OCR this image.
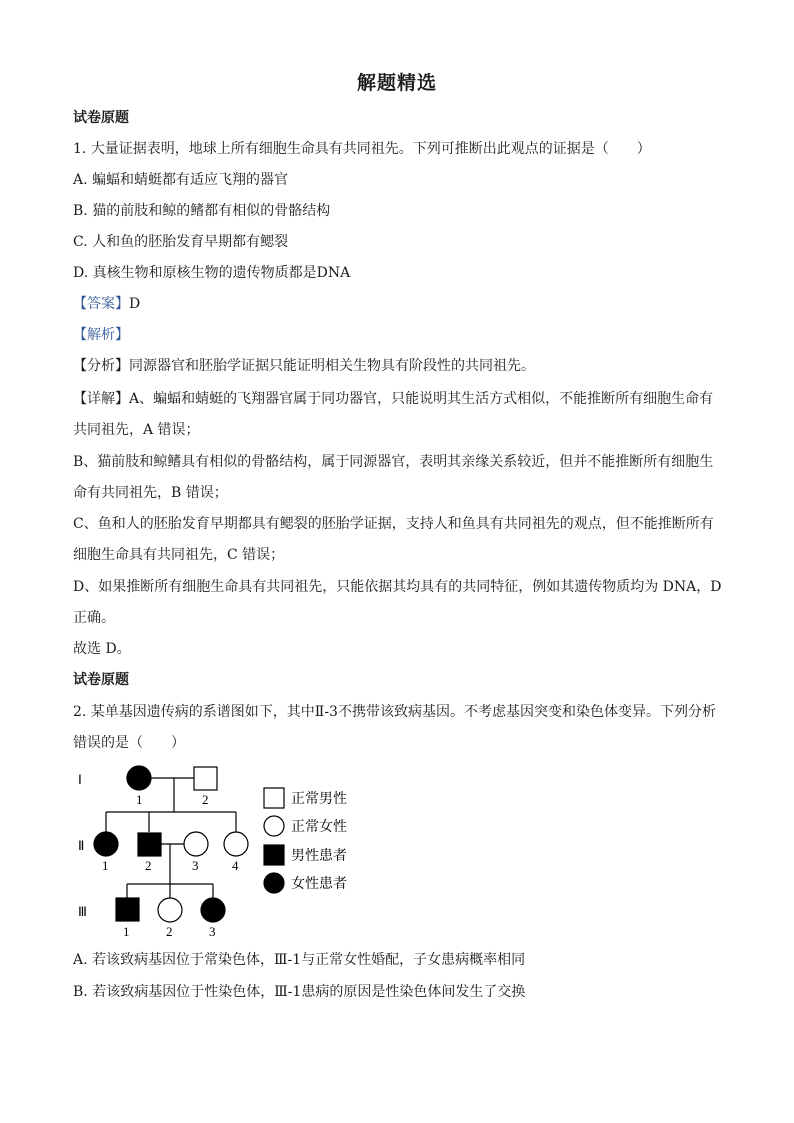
解题精选
试卷原题
1. 大量证据表明，地球上所有细胞生命具有共同祖先。下列可推断出此观点的证据是（　　）
A. 蝙蝠和蜻蜓都有适应飞翔的器官
B. 猫的前肢和鲸的鳍都有相似的骨骼结构
C. 人和鱼的胚胎发育早期都有鳃裂
D. 真核生物和原核生物的遗传物质都是DNA
【答案】D
【解析】
【分析】同源器官和胚胎学证据只能证明相关生物具有阶段性的共同祖先。
【详解】A、蝙蝠和蜻蜓的飞翔器官属于同功器官，只能说明其生活方式相似，不能推断所有细胞生命有
共同祖先，A 错误；
B、猫前肢和鲸鳍具有相似的骨骼结构，属于同源器官，表明其亲缘关系较近，但并不能推断所有细胞生
命有共同祖先，B 错误；
C、鱼和人的胚胎发育早期都具有鳃裂的胚胎学证据，支持人和鱼具有共同祖先的观点，但不能推断所有
细胞生命具有共同祖先，C 错误；
D、如果推断所有细胞生命具有共同祖先，只能依据其均具有的共同特征，例如其遗传物质均为 DNA，D
正确。
故选 D。
试卷原题
2. 某单基因遗传病的系谱图如下，其中Ⅱ-3不携带该致病基因。不考虑基因突变和染色体变异。下列分析
错误的是（　　）
Ⅰ
Ⅱ
Ⅲ
1	2
1	2	3	4
1	2	3
正常男性
正常女性
男性患者
女性患者
A. 若该致病基因位于常染色体，Ⅲ-1与正常女性婚配，子女患病概率相同
B. 若该致病基因位于性染色体，Ⅲ-1患病的原因是性染色体间发生了交换
